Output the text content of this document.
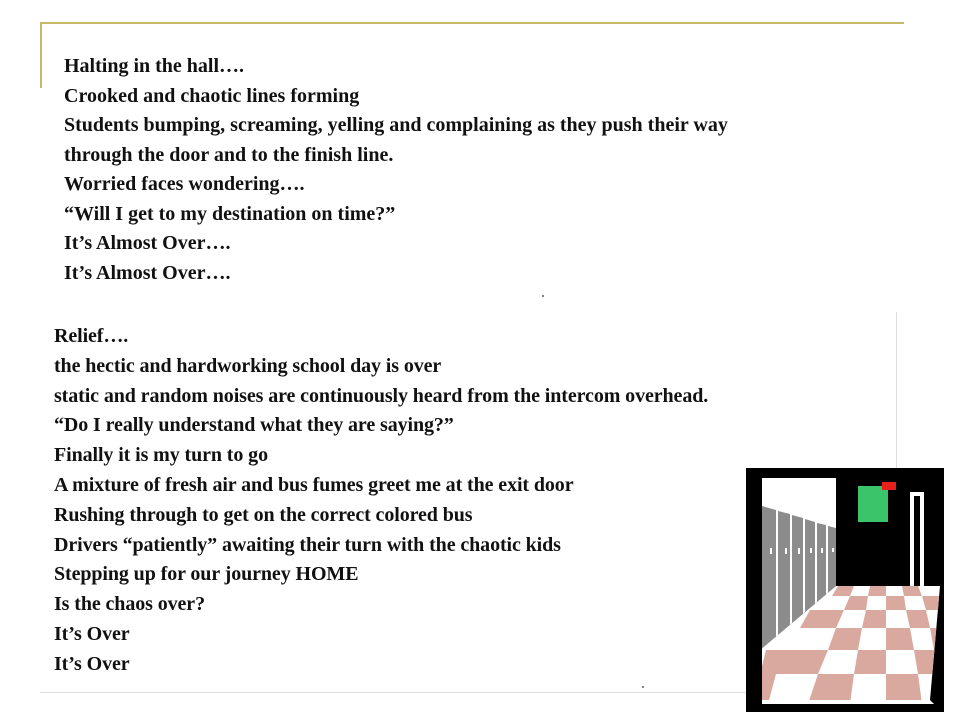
Halting in the hall….
Crooked and chaotic lines forming
Students bumping, screaming, yelling and complaining as they push their way
through the door and to the finish line.
Worried faces wondering….
“Will I get to my destination on time?”
It’s Almost Over….
It’s Almost Over….
Relief….
the hectic and hardworking school day is over
static and random noises are continuously heard from the intercom overhead.
“Do I really understand what they are saying?”
Finally it is my turn to go
A mixture of fresh air and bus fumes greet me at the exit door
Rushing through to get on the correct colored bus
Drivers “patiently” awaiting their turn with the chaotic kids
Stepping up for our journey HOME
Is the chaos over?
It’s Over
It’s Over
